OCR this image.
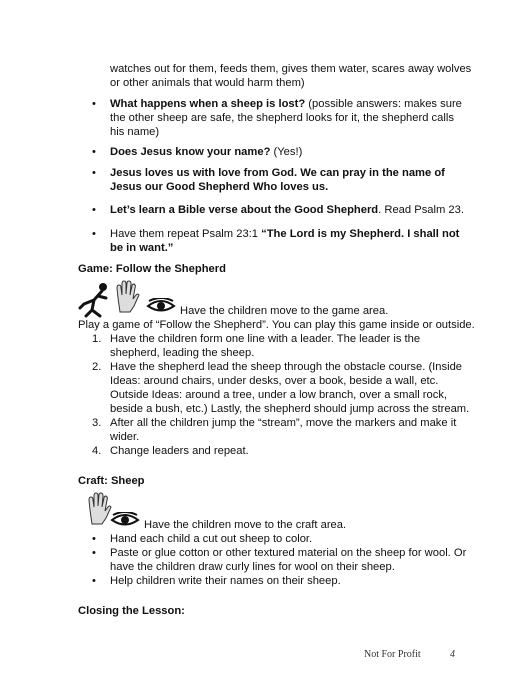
watches out for them, feeds them, gives them water, scares away wolves or other animals that would harm them)
• What happens when a sheep is lost? (possible answers: makes sure the other sheep are safe, the shepherd looks for it, the shepherd calls his name)
• Does Jesus know your name? (Yes!)
• Jesus loves us with love from God. We can pray in the name of Jesus our Good Shepherd Who loves us.
• Let’s learn a Bible verse about the Good Shepherd. Read Psalm 23.
• Have them repeat Psalm 23:1 “The Lord is my Shepherd. I shall not be in want.”
Game: Follow the Shepherd
Have the children move to the game area.
Play a game of “Follow the Shepherd”. You can play this game inside or outside.
1. Have the children form one line with a leader. The leader is the shepherd, leading the sheep.
2. Have the shepherd lead the sheep through the obstacle course. (Inside Ideas: around chairs, under desks, over a book, beside a wall, etc. Outside Ideas: around a tree, under a low branch, over a small rock, beside a bush, etc.) Lastly, the shepherd should jump across the stream.
3. After all the children jump the “stream”, move the markers and make it wider.
4. Change leaders and repeat.
Craft: Sheep
Have the children move to the craft area.
• Hand each child a cut out sheep to color.
• Paste or glue cotton or other textured material on the sheep for wool. Or have the children draw curly lines for wool on their sheep.
• Help children write their names on their sheep.
Closing the Lesson:
Not For Profit	4
